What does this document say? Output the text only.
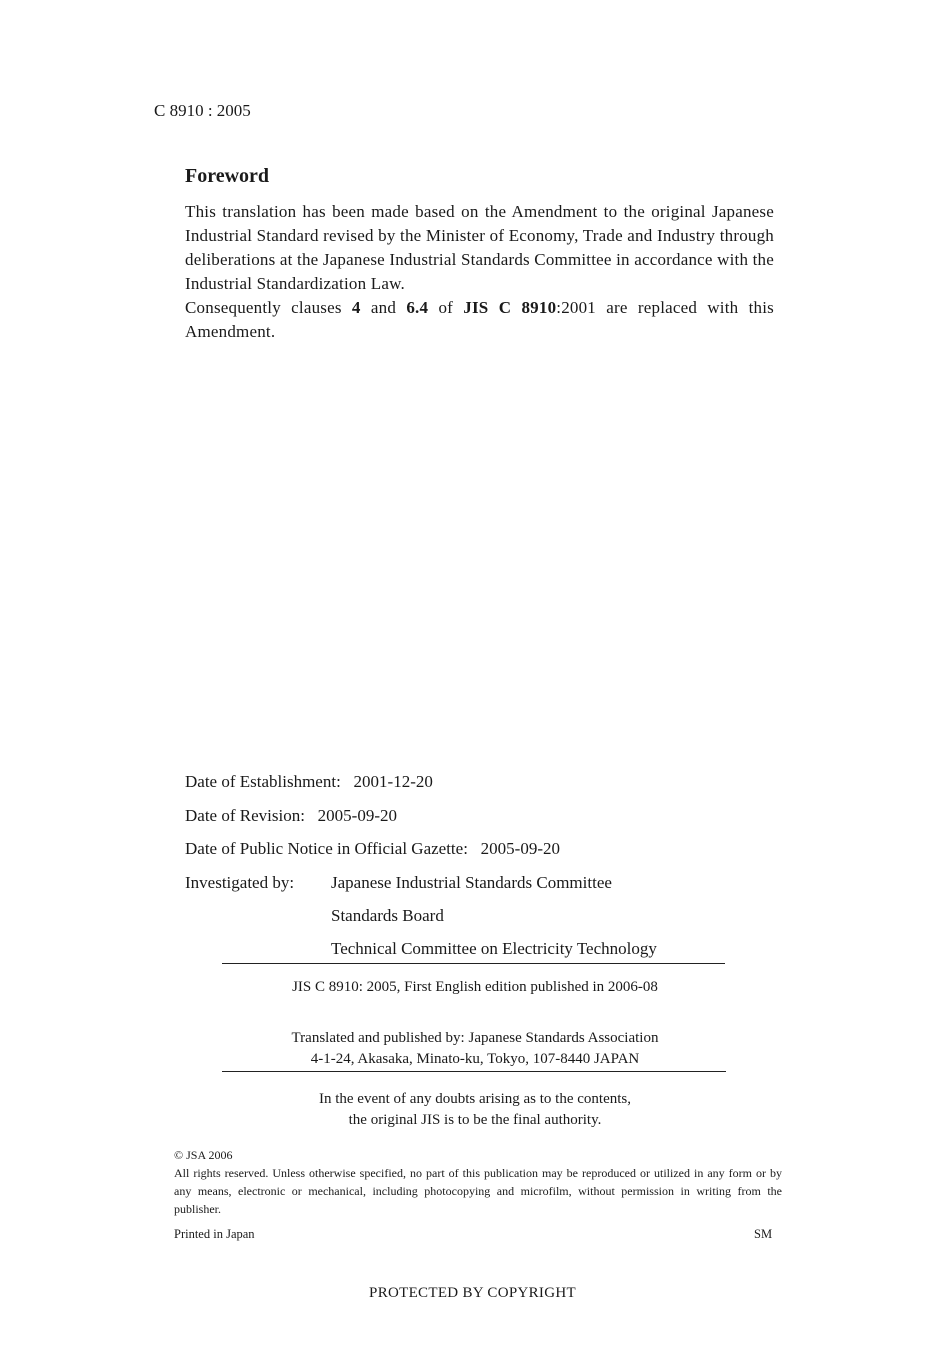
C 8910 : 2005
Foreword

This translation has been made based on the Amendment to the original Japanese Industrial Standard revised by the Minister of Economy, Trade and Industry through deliberations at the Japanese Industrial Standards Committee in accordance with the Industrial Standardization Law.

Consequently clauses 4 and 6.4 of JIS C 8910:2001 are replaced with this Amendment.

Date of Establishment:   2001-12-20
Date of Revision:   2005-09-20
Date of Public Notice in Official Gazette:   2005-09-20
Investigated by: Japanese Industrial Standards Committee
Standards Board
Technical Committee on Electricity Technology

JIS C 8910: 2005, First English edition published in 2006-08

Translated and published by: Japanese Standards Association

4-1-24, Akasaka, Minato-ku, Tokyo, 107-8440 JAPAN

In the event of any doubts arising as to the contents,

the original JIS is to be the final authority.

© JSA 2006

All rights reserved. Unless otherwise specified, no part of this publication may be reproduced or utilized in any form or by any means, electronic or mechanical, including photocopying and microfilm, without permission in writing from the publisher.

Printed in Japan	SM
PROTECTED BY COPYRIGHT
